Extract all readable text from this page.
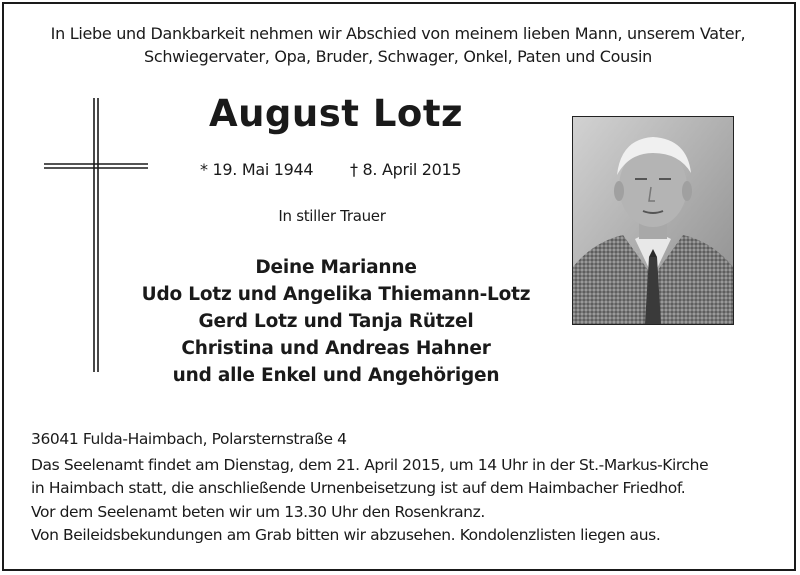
In Liebe und Dankbarkeit nehmen wir Abschied von meinem lieben Mann, unserem Vater,
Schwiegervater, Opa, Bruder, Schwager, Onkel, Paten und Cousin
August Lotz
* 19. Mai 1944 † 8. April 2015
In stiller Trauer
Deine Marianne
Udo Lotz und Angelika Thiemann-Lotz
Gerd Lotz und Tanja Rützel
Christina und Andreas Hahner
und alle Enkel und Angehörigen
36041 Fulda-Haimbach, Polarsternstraße 4
Das Seelenamt findet am Dienstag, dem 21. April 2015, um 14 Uhr in der St.-Markus-Kirche
in Haimbach statt, die anschließende Urnenbeisetzung ist auf dem Haimbacher Friedhof.
Vor dem Seelenamt beten wir um 13.30 Uhr den Rosenkranz.
Von Beileidsbekundungen am Grab bitten wir abzusehen. Kondolenzlisten liegen aus.
